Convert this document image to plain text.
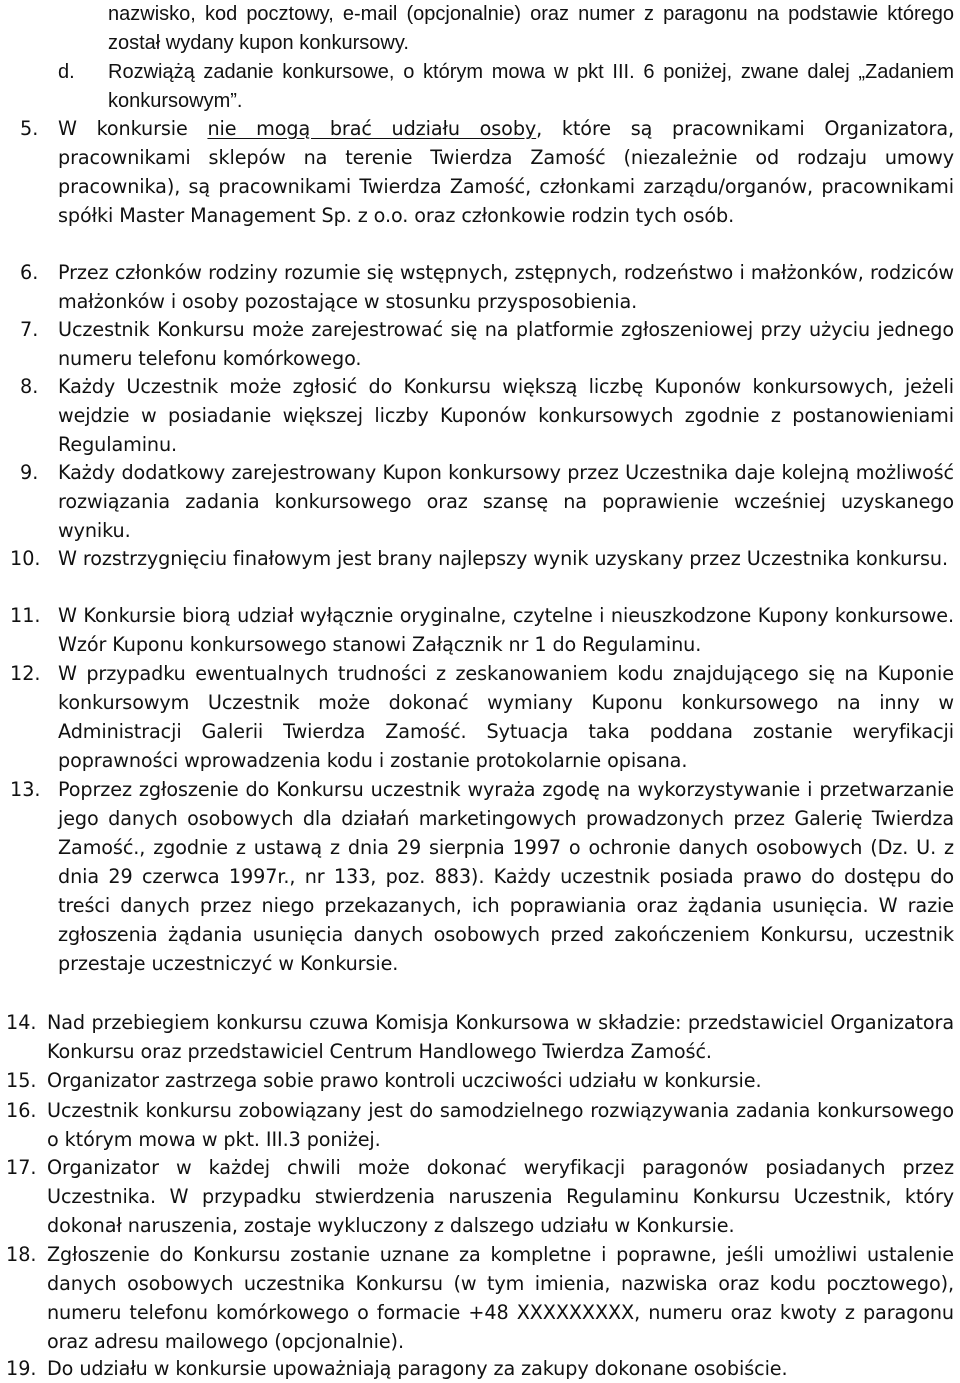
nazwisko, kod pocztowy, e-mail (opcjonalnie) oraz numer z paragonu na podstawie którego został wydany kupon konkursowy.
d. Rozwiążą zadanie konkursowe, o którym mowa w pkt III. 6 poniżej, zwane dalej „Zadaniem konkursowym”.
5. W konkursie nie mogą brać udziału osoby, które są pracownikami Organizatora, pracownikami sklepów na terenie Twierdza Zamość (niezależnie od rodzaju umowy pracownika), są pracownikami Twierdza Zamość, członkami zarządu/organów, pracownikami spółki Master Management Sp. z o.o. oraz członkowie rodzin tych osób.
6. Przez członków rodziny rozumie się wstępnych, zstępnych, rodzeństwo i małżonków, rodziców małżonków i osoby pozostające w stosunku przysposobienia.
7. Uczestnik Konkursu może zarejestrować się na platformie zgłoszeniowej przy użyciu jednego numeru telefonu komórkowego.
8. Każdy Uczestnik może zgłosić do Konkursu większą liczbę Kuponów konkursowych, jeżeli wejdzie w posiadanie większej liczby Kuponów konkursowych zgodnie z postanowieniami Regulaminu.
9. Każdy dodatkowy zarejestrowany Kupon konkursowy przez Uczestnika daje kolejną możliwość rozwiązania zadania konkursowego oraz szansę na poprawienie wcześniej uzyskanego wyniku.
10. W rozstrzygnięciu finałowym jest brany najlepszy wynik uzyskany przez Uczestnika konkursu.
11. W Konkursie biorą udział wyłącznie oryginalne, czytelne i nieuszkodzone Kupony konkursowe. Wzór Kuponu konkursowego stanowi Załącznik nr 1 do Regulaminu.
12. W przypadku ewentualnych trudności z zeskanowaniem kodu znajdującego się na Kuponie konkursowym Uczestnik może dokonać wymiany Kuponu konkursowego na inny w Administracji Galerii Twierdza Zamość. Sytuacja taka poddana zostanie weryfikacji poprawności wprowadzenia kodu i zostanie protokolarnie opisana.
13. Poprzez zgłoszenie do Konkursu uczestnik wyraża zgodę na wykorzystywanie i przetwarzanie jego danych osobowych dla działań marketingowych prowadzonych przez Galerię Twierdza Zamość., zgodnie z ustawą z dnia 29 sierpnia 1997 o ochronie danych osobowych (Dz. U. z dnia 29 czerwca 1997r., nr 133, poz. 883). Każdy uczestnik posiada prawo do dostępu do treści danych przez niego przekazanych, ich poprawiania oraz żądania usunięcia. W razie zgłoszenia żądania usunięcia danych osobowych przed zakończeniem Konkursu, uczestnik przestaje uczestniczyć w Konkursie.
14. Nad przebiegiem konkursu czuwa Komisja Konkursowa w składzie: przedstawiciel Organizatora Konkursu oraz przedstawiciel Centrum Handlowego Twierdza Zamość.
15. Organizator zastrzega sobie prawo kontroli uczciwości udziału w konkursie.
16. Uczestnik konkursu zobowiązany jest do samodzielnego rozwiązywania zadania konkursowego o którym mowa w pkt. III.3 poniżej.
17. Organizator w każdej chwili może dokonać weryfikacji paragonów posiadanych przez Uczestnika. W przypadku stwierdzenia naruszenia Regulaminu Konkursu Uczestnik, który dokonał naruszenia, zostaje wykluczony z dalszego udziału w Konkursie.
18. Zgłoszenie do Konkursu zostanie uznane za kompletne i poprawne, jeśli umożliwi ustalenie danych osobowych uczestnika Konkursu (w tym imienia, nazwiska oraz kodu pocztowego), numeru telefonu komórkowego o formacie +48 XXXXXXXXX, numeru oraz kwoty z paragonu oraz adresu mailowego (opcjonalnie).
19. Do udziału w konkursie upoważniają paragony za zakupy dokonane osobiście.
